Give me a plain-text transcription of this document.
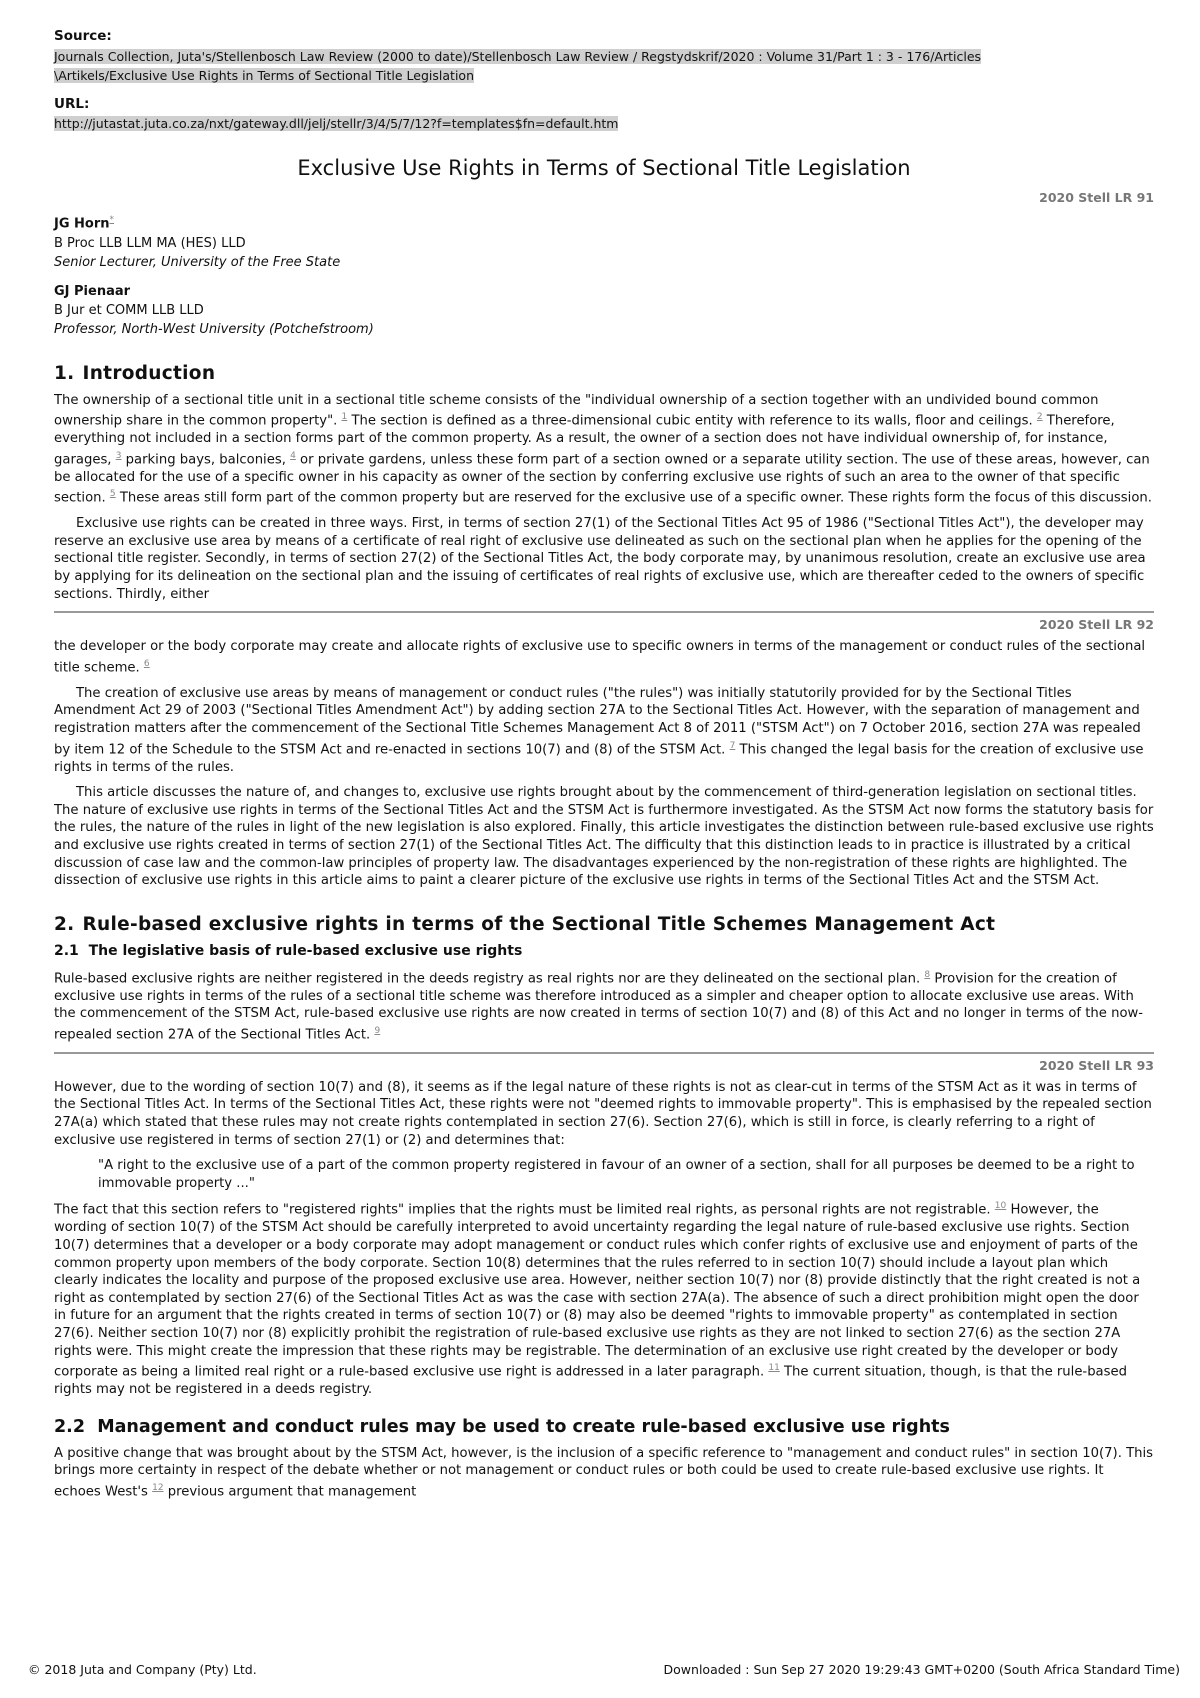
Source:

Journals Collection, Juta's/Stellenbosch Law Review (2000 to date)/Stellenbosch Law Review / Regstydskrif/2020 : Volume 31/Part 1 : 3 - 176/Articles
\Artikels/Exclusive Use Rights in Terms of Sectional Title Legislation

URL:

http://jutastat.juta.co.za/nxt/gateway.dll/jelj/stellr/3/4/5/7/12?f=templates$fn=default.htm
Exclusive Use Rights in Terms of Sectional Title Legislation
2020 Stell LR 91
JG Horn*
B Proc LLB LLM MA (HES) LLD
Senior Lecturer, University of the Free State
GJ Pienaar
B Jur et COMM LLB LLD
Professor, North-West University (Potchefstroom)
1. Introduction

The ownership of a sectional title unit in a sectional title scheme consists of the "individual ownership of a section together with an undivided bound common ownership share in the common property". $^1$ The section is defined as a three-dimensional cubic entity with reference to its walls, floor and ceilings. $^2$ Therefore, everything not included in a section forms part of the common property. As a result, the owner of a section does not have individual ownership of, for instance, garages, $^3$ parking bays, balconies, $^4$ or private gardens, unless these form part of a section owned or a separate utility section. The use of these areas, however, can be allocated for the use of a specific owner in his capacity as owner of the section by conferring exclusive use rights of such an area to the owner of that specific section. $^5$ These areas still form part of the common property but are reserved for the exclusive use of a specific owner. These rights form the focus of this discussion.

Exclusive use rights can be created in three ways. First, in terms of section 27(1) of the Sectional Titles Act 95 of 1986 ("Sectional Titles Act"), the developer may reserve an exclusive use area by means of a certificate of real right of exclusive use delineated as such on the sectional plan when he applies for the opening of the sectional title register. Secondly, in terms of section 27(2) of the Sectional Titles Act, the body corporate may, by unanimous resolution, create an exclusive use area by applying for its delineation on the sectional plan and the issuing of certificates of real rights of exclusive use, which are thereafter ceded to the owners of specific sections. Thirdly, either

2020 Stell LR 92

the developer or the body corporate may create and allocate rights of exclusive use to specific owners in terms of the management or conduct rules of the sectional title scheme. $^6$

The creation of exclusive use areas by means of management or conduct rules ("the rules") was initially statutorily provided for by the Sectional Titles Amendment Act 29 of 2003 ("Sectional Titles Amendment Act") by adding section 27A to the Sectional Titles Act. However, with the separation of management and registration matters after the commencement of the Sectional Title Schemes Management Act 8 of 2011 ("STSM Act") on 7 October 2016, section 27A was repealed by item 12 of the Schedule to the STSM Act and re-enacted in sections 10(7) and (8) of the STSM Act. $^7$ This changed the legal basis for the creation of exclusive use rights in terms of the rules.

This article discusses the nature of, and changes to, exclusive use rights brought about by the commencement of third-generation legislation on sectional titles. The nature of exclusive use rights in terms of the Sectional Titles Act and the STSM Act is furthermore investigated. As the STSM Act now forms the statutory basis for the rules, the nature of the rules in light of the new legislation is also explored. Finally, this article investigates the distinction between rule-based exclusive use rights and exclusive use rights created in terms of section 27(1) of the Sectional Titles Act. The difficulty that this distinction leads to in practice is illustrated by a critical discussion of case law and the common-law principles of property law. The disadvantages experienced by the non-registration of these rights are highlighted. The dissection of exclusive use rights in this article aims to paint a clearer picture of the exclusive use rights in terms of the Sectional Titles Act and the STSM Act.

2. Rule-based exclusive rights in terms of the Sectional Title Schemes Management Act
2.1 The legislative basis of rule-based exclusive use rights

Rule-based exclusive rights are neither registered in the deeds registry as real rights nor are they delineated on the sectional plan. $^8$ Provision for the creation of exclusive use rights in terms of the rules of a sectional title scheme was therefore introduced as a simpler and cheaper option to allocate exclusive use areas. With the commencement of the STSM Act, rule-based exclusive use rights are now created in terms of section 10(7) and (8) of this Act and no longer in terms of the now-repealed section 27A of the Sectional Titles Act. $^9$

2020 Stell LR 93

However, due to the wording of section 10(7) and (8), it seems as if the legal nature of these rights is not as clear-cut in terms of the STSM Act as it was in terms of the Sectional Titles Act. In terms of the Sectional Titles Act, these rights were not "deemed rights to immovable property". This is emphasised by the repealed section 27A(a) which stated that these rules may not create rights contemplated in section 27(6). Section 27(6), which is still in force, is clearly referring to a right of exclusive use registered in terms of section 27(1) or (2) and determines that:

"A right to the exclusive use of a part of the common property registered in favour of an owner of a section, shall for all purposes be deemed to be a right to immovable property ..."

The fact that this section refers to "registered rights" implies that the rights must be limited real rights, as personal rights are not registrable. $^{10}$ However, the wording of section 10(7) of the STSM Act should be carefully interpreted to avoid uncertainty regarding the legal nature of rule-based exclusive use rights. Section 10(7) determines that a developer or a body corporate may adopt management or conduct rules which confer rights of exclusive use and enjoyment of parts of the common property upon members of the body corporate. Section 10(8) determines that the rules referred to in section 10(7) should include a layout plan which clearly indicates the locality and purpose of the proposed exclusive use area. However, neither section 10(7) nor (8) provide distinctly that the right created is not a right as contemplated by section 27(6) of the Sectional Titles Act as was the case with section 27A(a). The absence of such a direct prohibition might open the door in future for an argument that the rights created in terms of section 10(7) or (8) may also be deemed "rights to immovable property" as contemplated in section 27(6). Neither section 10(7) nor (8) explicitly prohibit the registration of rule-based exclusive use rights as they are not linked to section 27(6) as the section 27A rights were. This might create the impression that these rights may be registrable. The determination of an exclusive use right created by the developer or body corporate as being a limited real right or a rule-based exclusive use right is addressed in a later paragraph. $^{11}$ The current situation, though, is that the rule-based rights may not be registered in a deeds registry.

2.2 Management and conduct rules may be used to create rule-based exclusive use rights

A positive change that was brought about by the STSM Act, however, is the inclusion of a specific reference to "management and conduct rules" in section 10(7). This brings more certainty in respect of the debate whether or not management or conduct rules or both could be used to create rule-based exclusive use rights. It echoes West's $^{12}$ previous argument that management

© 2018 Juta and Company (Pty) Ltd.	Downloaded : Sun Sep 27 2020 19:29:43 GMT+0200 (South Africa Standard Time)
